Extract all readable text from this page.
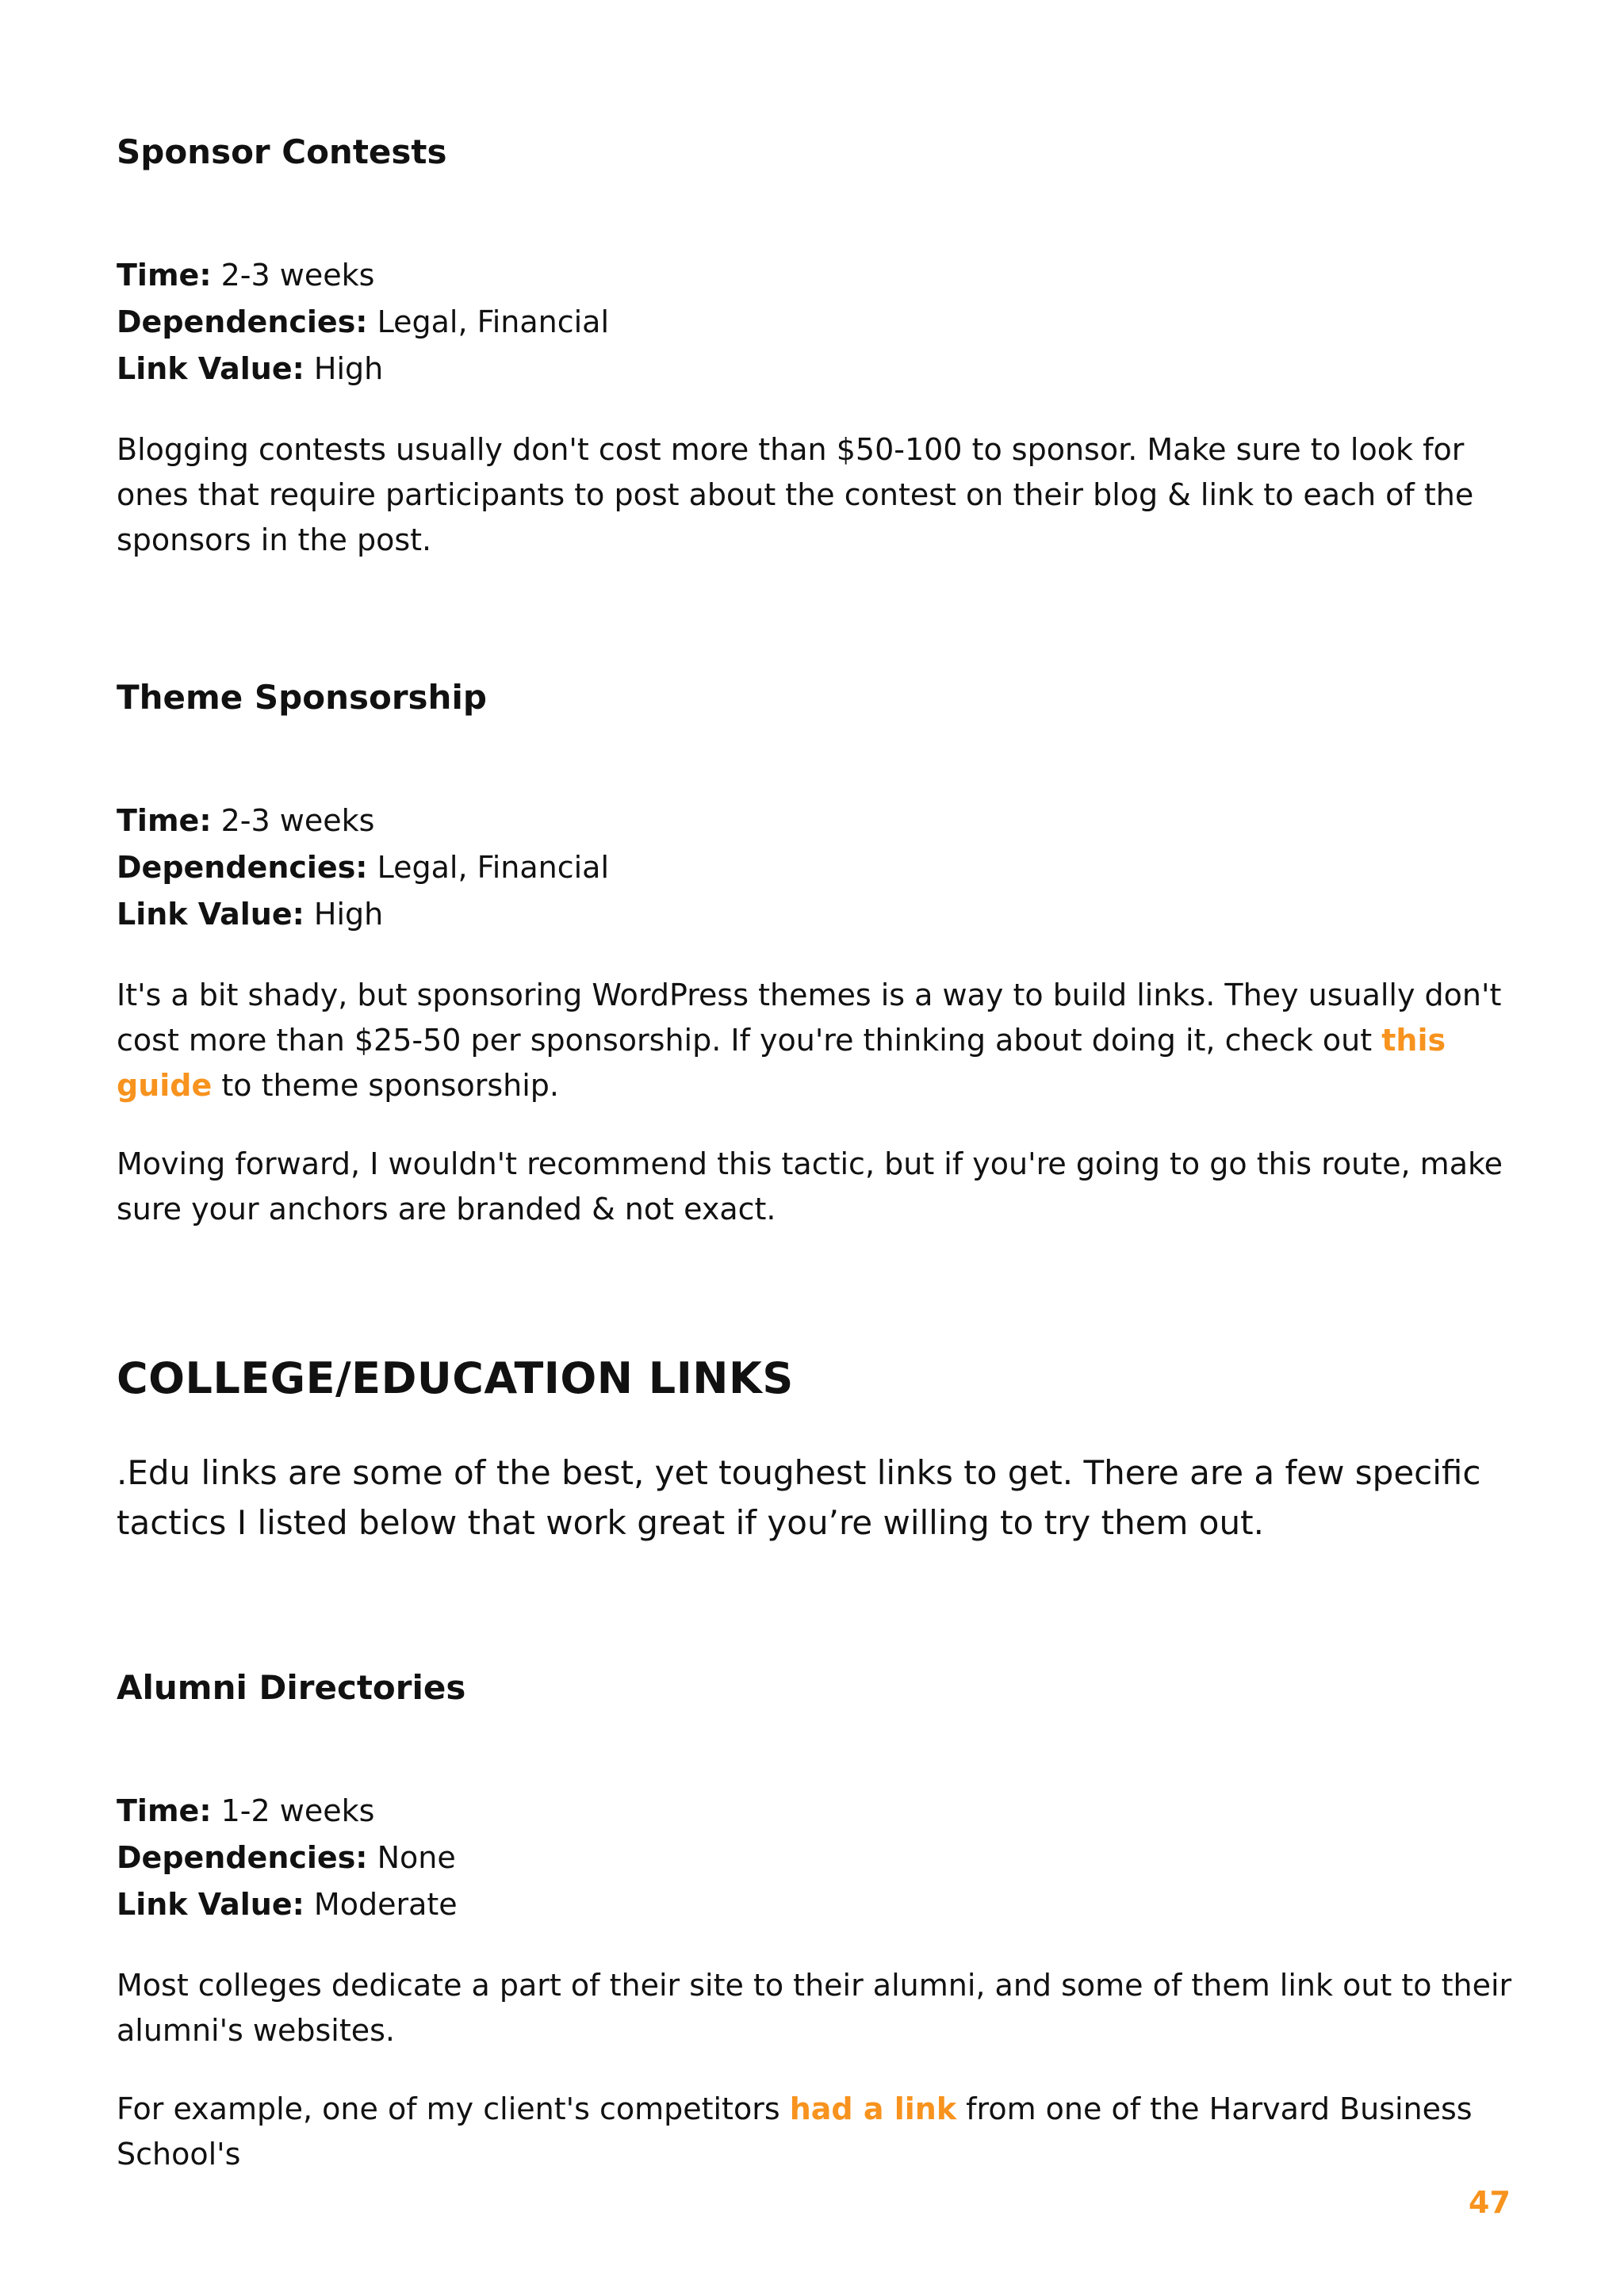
Sponsor Contests
Time: 2-3 weeks
Dependencies: Legal, Financial
Link Value: High

Blogging contests usually don't cost more than $50-100 to sponsor. Make sure to look for ones that require participants to post about the contest on their blog & link to each of the sponsors in the post.

Theme Sponsorship
Time: 2-3 weeks
Dependencies: Legal, Financial
Link Value: High

It's a bit shady, but sponsoring WordPress themes is a way to build links. They usually don't cost more than $25-50 per sponsorship. If you're thinking about doing it, check out this guide to theme sponsorship.

Moving forward, I wouldn't recommend this tactic, but if you're going to go this route, make sure your anchors are branded & not exact.

COLLEGE/EDUCATION LINKS

.Edu links are some of the best, yet toughest links to get. There are a few specific tactics I listed below that work great if you’re willing to try them out.

Alumni Directories
Time: 1-2 weeks
Dependencies: None
Link Value: Moderate

Most colleges dedicate a part of their site to their alumni, and some of them link out to their alumni's websites.

For example, one of my client's competitors had a link from one of the Harvard Business School's

47
